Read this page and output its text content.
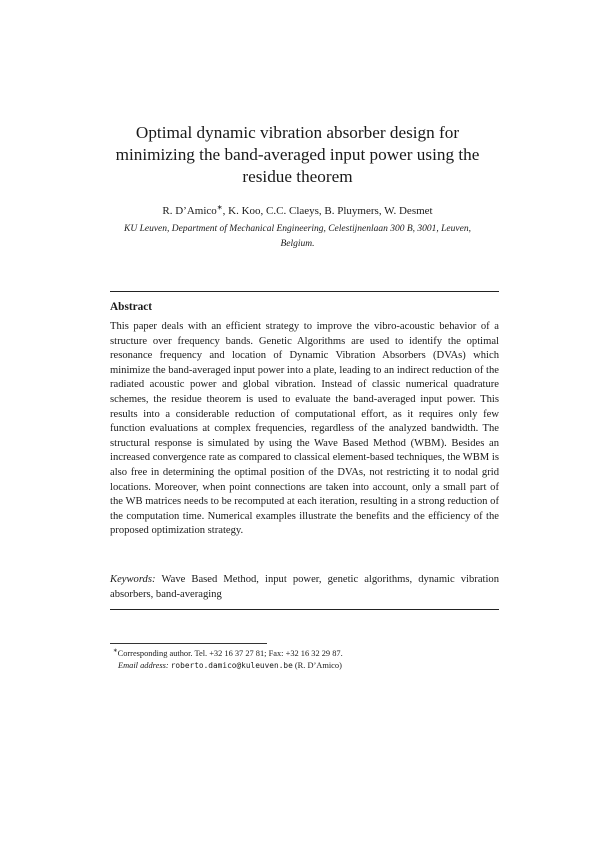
Optimal dynamic vibration absorber design for minimizing the band-averaged input power using the residue theorem
R. D’Amico∗, K. Koo, C.C. Claeys, B. Pluymers, W. Desmet
KU Leuven, Department of Mechanical Engineering, Celestijnenlaan 300 B, 3001, Leuven, Belgium.
Abstract
This paper deals with an efficient strategy to improve the vibro-acoustic behavior of a structure over frequency bands. Genetic Algorithms are used to identify the optimal resonance frequency and location of Dynamic Vibration Absorbers (DVAs) which minimize the band-averaged input power into a plate, leading to an indirect reduction of the radiated acoustic power and global vibration. Instead of classic numerical quadrature schemes, the residue theorem is used to evaluate the band-averaged input power. This results into a considerable reduction of computational effort, as it requires only few function evaluations at complex frequencies, regardless of the analyzed bandwidth. The structural response is simulated by using the Wave Based Method (WBM). Besides an increased convergence rate as compared to classical element-based techniques, the WBM is also free in determining the optimal position of the DVAs, not restricting it to nodal grid locations. Moreover, when point connections are taken into account, only a small part of the WB matrices needs to be recomputed at each iteration, resulting in a strong reduction of the computation time. Numerical examples illustrate the benefits and the efficiency of the proposed optimization strategy.
Keywords: Wave Based Method, input power, genetic algorithms, dynamic vibration absorbers, band-averaging
∗Corresponding author. Tel. +32 16 37 27 81; Fax: +32 16 32 29 87.
Email address: roberto.damico@kuleuven.be (R. D’Amico)
